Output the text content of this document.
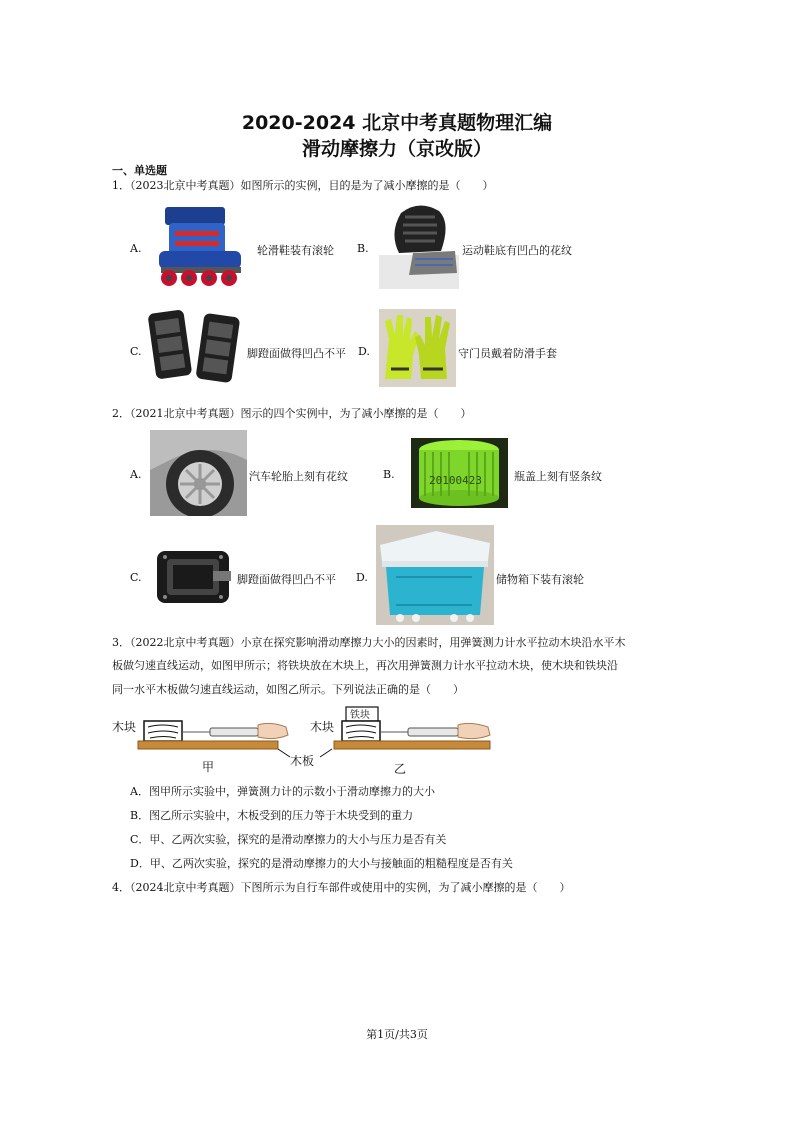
2020-2024 北京中考真题物理汇编
滑动摩擦力（京改版）
一、单选题
1．（2023北京中考真题）如图所示的实例，目的是为了减小摩擦的是（　　）
A.	轮滑鞋装有滚轮 B.	运动鞋底有凹凸的花纹
C.	脚蹬面做得凹凸不平 D.	守门员戴着防滑手套
2．（2021北京中考真题）图示的四个实例中，为了减小摩擦的是（　　）
A.	汽车轮胎上刻有花纹	B.	20100423	瓶盖上刻有竖条纹
C.	脚蹬面做得凹凸不平 D.	储物箱下装有滚轮
3．（2022北京中考真题）小京在探究影响滑动摩擦力大小的因素时，用弹簧测力计水平拉动木块沿水平木
板做匀速直线运动，如图甲所示；将铁块放在木块上，再次用弹簧测力计水平拉动木块，使木块和铁块沿
同一水平木板做匀速直线运动，如图乙所示。下列说法正确的是（　　）
木块
甲	木板
木块
铁块
乙
A．图甲所示实验中，弹簧测力计的示数小于滑动摩擦力的大小
B．图乙所示实验中，木板受到的压力等于木块受到的重力
C．甲、乙两次实验，探究的是滑动摩擦力的大小与压力是否有关
D．甲、乙两次实验，探究的是滑动摩擦力的大小与接触面的粗糙程度是否有关
4．（2024北京中考真题）下图所示为自行车部件或使用中的实例，为了减小摩擦的是（　　）
第1页/共3页
